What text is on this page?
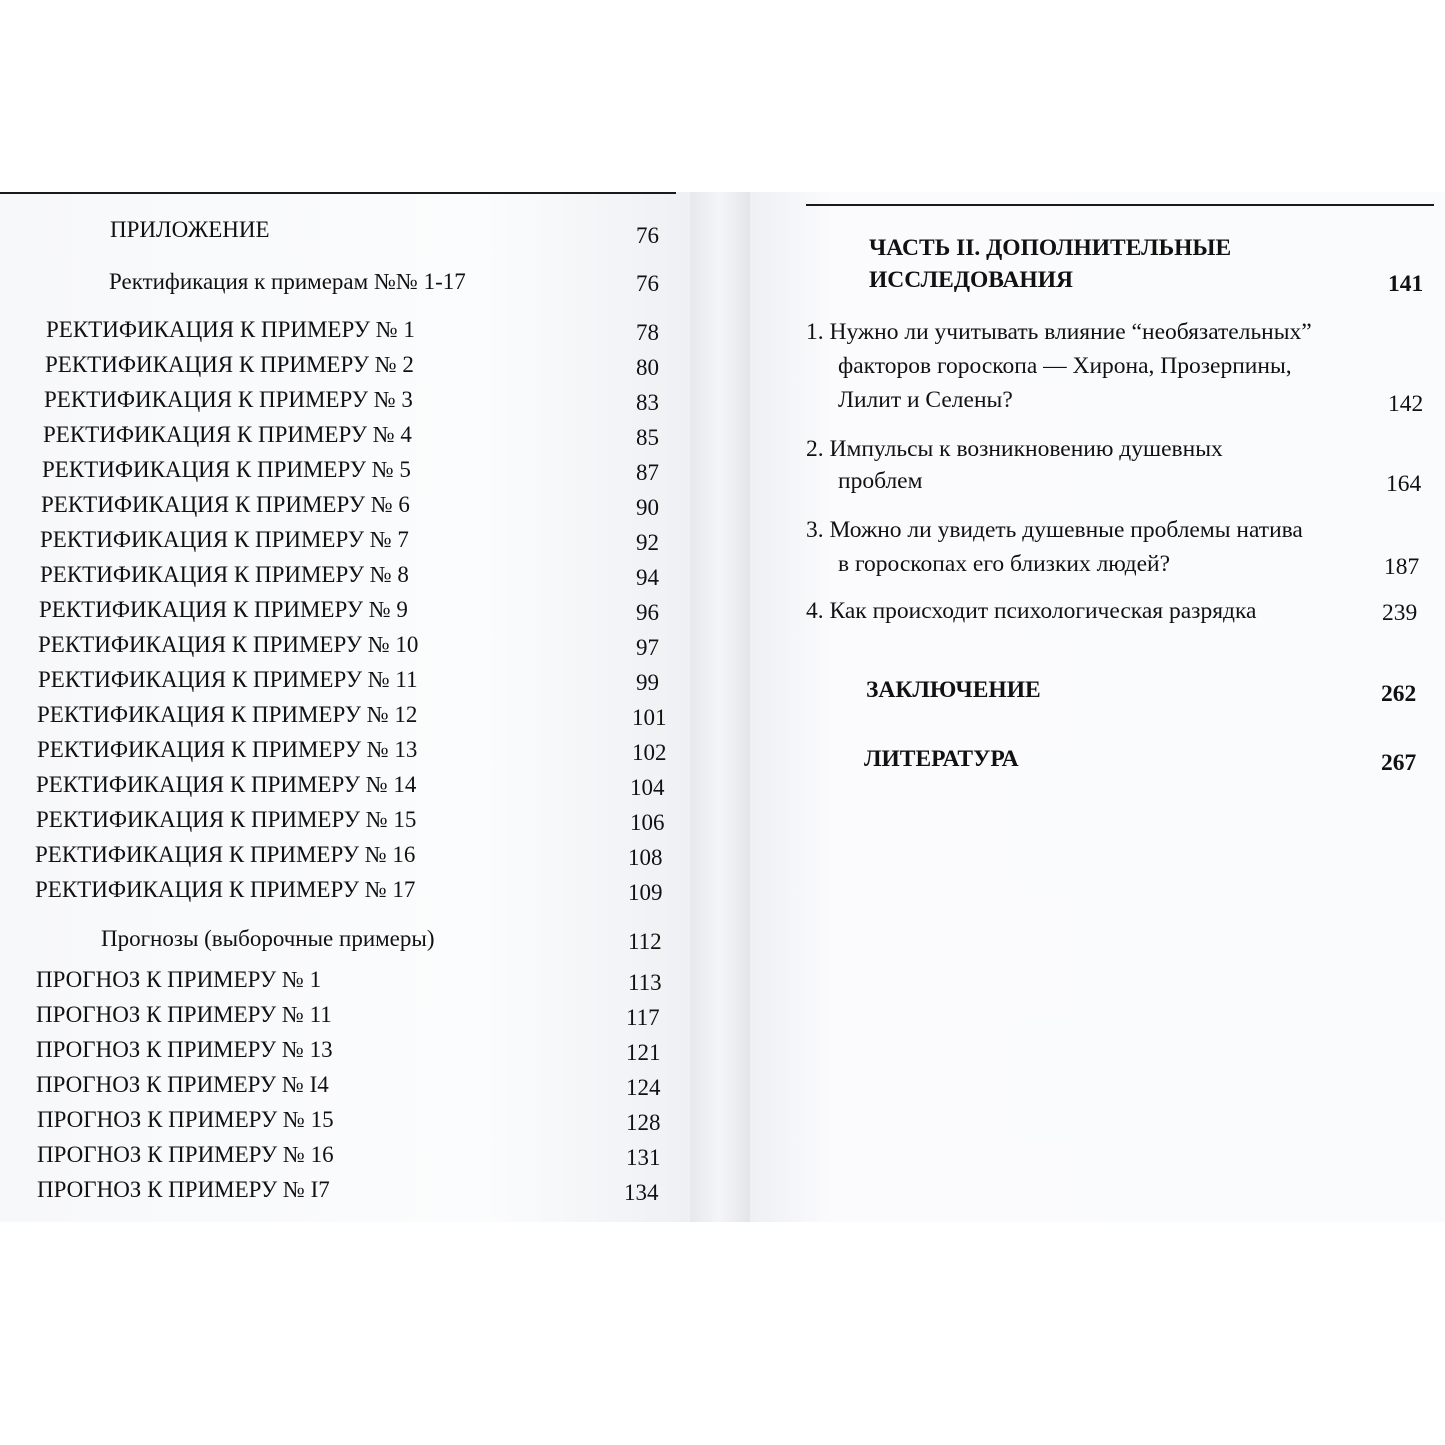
ПРИЛОЖЕНИЕ	76
Ректификация к примерам №№ 1-17	76
РЕКТИФИКАЦИЯ К ПРИМЕРУ № 1	78
РЕКТИФИКАЦИЯ К ПРИМЕРУ № 2	80
РЕКТИФИКАЦИЯ К ПРИМЕРУ № 3	83
РЕКТИФИКАЦИЯ К ПРИМЕРУ № 4	85
РЕКТИФИКАЦИЯ К ПРИМЕРУ № 5	87
РЕКТИФИКАЦИЯ К ПРИМЕРУ № 6	90
РЕКТИФИКАЦИЯ К ПРИМЕРУ № 7	92
РЕКТИФИКАЦИЯ К ПРИМЕРУ № 8	94
РЕКТИФИКАЦИЯ К ПРИМЕРУ № 9	96
РЕКТИФИКАЦИЯ К ПРИМЕРУ № 10	97
РЕКТИФИКАЦИЯ К ПРИМЕРУ № 11	99
РЕКТИФИКАЦИЯ К ПРИМЕРУ № 12	101
РЕКТИФИКАЦИЯ К ПРИМЕРУ № 13	102
РЕКТИФИКАЦИЯ К ПРИМЕРУ № 14	104
РЕКТИФИКАЦИЯ К ПРИМЕРУ № 15	106
РЕКТИФИКАЦИЯ К ПРИМЕРУ № 16	108
РЕКТИФИКАЦИЯ К ПРИМЕРУ № 17	109
Прогнозы (выборочные примеры)	112
ПРОГНОЗ К ПРИМЕРУ № 1	113
ПРОГНОЗ К ПРИМЕРУ № 11	117
ПРОГНОЗ К ПРИМЕРУ № 13	121
ПРОГНОЗ К ПРИМЕРУ № I4	124
ПРОГНОЗ К ПРИМЕРУ № 15	128
ПРОГНОЗ К ПРИМЕРУ № 16	131
ПРОГНОЗ К ПРИМЕРУ № I7	134
ЧАСТЬ II. ДОПОЛНИТЕЛЬНЫЕ
ИССЛЕДОВАНИЯ	141
1. Нужно ли учитывать влияние “необязательных”
факторов гороскопа — Хирона, Прозерпины,
Лилит и Селены?	142
2. Импульсы к возникновению душевных
проблем	164
3. Можно ли увидеть душевные проблемы натива
в гороскопах его близких людей?	187
4. Как происходит психологическая разрядка	239
ЗАКЛЮЧЕНИЕ	262
ЛИТЕРАТУРА	267
